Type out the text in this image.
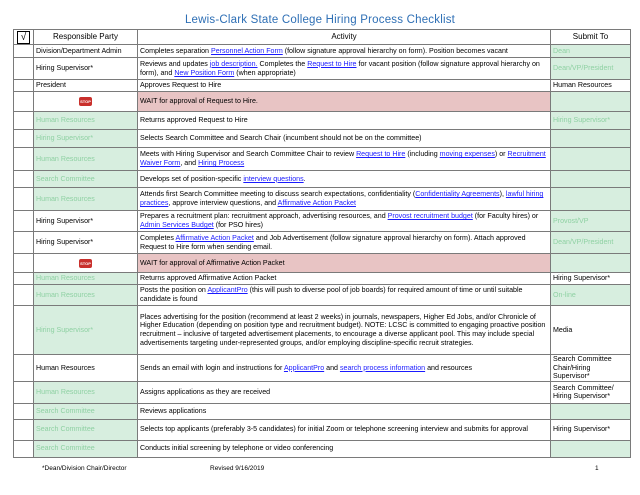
Lewis-Clark State College Hiring Process Checklist
√	Responsible Party	Activity	Submit To
	Division/Department Admin	Completes separation Personnel Action Form (follow signature approval hierarchy on form). Position becomes vacant	Dean
	Hiring Supervisor*	Reviews and updates job description. Completes the Request to Hire for vacant position (follow signature approval hierarchy on form), and New Position Form (when appropriate)	Dean/VP/President
	President	Approves Request to Hire	Human Resources
	STOP	WAIT for approval of Request to Hire.	
	Human Resources	Returns approved Request to Hire	Hiring Supervisor*
	Hiring Supervisor*	Selects Search Committee and Search Chair (incumbent should not be on the committee)	
	Human Resources	Meets with Hiring Supervisor and Search Committee Chair to review Request to Hire (including moving expenses) or Recruitment Waiver Form, and Hiring Process	
	Search Committee	Develops set of position-specific interview questions.	
	Human Resources	Attends first Search Committee meeting to discuss search expectations, confidentiality (Confidentiality Agreements), lawful hiring practices, approve interview questions, and Affirmative Action Packet	
	Hiring Supervisor*	Prepares a recruitment plan: recruitment approach, advertising resources, and Provost recruitment budget (for Faculty hires) or Admin Services Budget (for PSO hires)	Provost/VP
	Hiring Supervisor*	Completes Affirmative Action Packet and Job Advertisement (follow signature approval hierarchy on form). Attach approved Request to Hire form when sending email.	Dean/VP/President
	STOP	WAIT for approval of Affirmative Action Packet	
	Human Resources	Returns approved Affirmative Action Packet	Hiring Supervisor*
	Human Resources	Posts the position on ApplicantPro (this will push to diverse pool of job boards) for required amount of time or until suitable candidate is found	On-line
	Hiring Supervisor*	Places advertising for the position (recommend at least 2 weeks) in journals, newspapers, Higher Ed Jobs, and/or Chronicle of Higher Education (depending on position type and recruitment budget). NOTE: LCSC is committed to engaging proactive position recruitment – inclusive of targeted advertisement placements, to encourage a diverse applicant pool. This may include special advertisements targeting under-represented groups, and/or employing discipline-specific recruit strategies.	Media
	Human Resources	Sends an email with login and instructions for ApplicantPro and search process information and resources	Search Committee Chair/Hiring Supervisor*
	Human Resources	Assigns applications as they are received	Search Committee/ Hiring Supervisor*
	Search Committee	Reviews applications	
	Search Committee	Selects top applicants (preferably 3-5 candidates) for initial Zoom or telephone screening interview and submits for approval	Hiring Supervisor*
	Search Committee	Conducts initial screening by telephone or video conferencing	
*Dean/Division Chair/Director	Revised 9/16/2019	1
